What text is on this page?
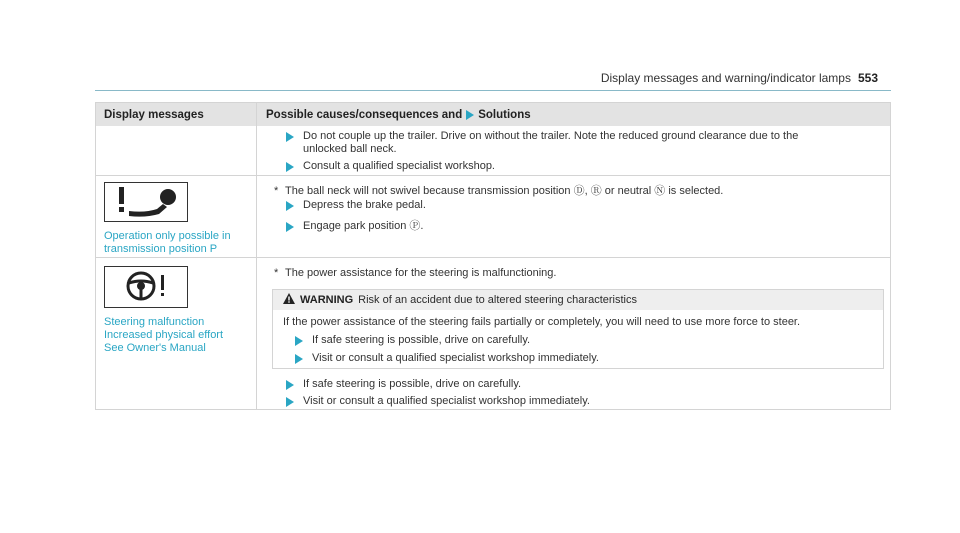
Display messages and warning/indicator lamps 553
Display messages	Possible causes/consequences and Solutions
Do not couple up the trailer. Drive on without the trailer. Note the reduced ground clearance due to the
unlocked ball neck.
Consult a qualified specialist workshop.
Operation only possible in
transmission position P
* The ball neck will not swivel because transmission position Ⓓ, Ⓡ or neutral Ⓝ is selected.
Depress the brake pedal.
Engage park position Ⓟ.
Steering malfunction
Increased physical effort
See Owner's Manual
* The power assistance for the steering is malfunctioning.
WARNING Risk of an accident due to altered steering characteristics
If the power assistance of the steering fails partially or completely, you will need to use more force to steer.
If safe steering is possible, drive on carefully.
Visit or consult a qualified specialist workshop immediately.
If safe steering is possible, drive on carefully.
Visit or consult a qualified specialist workshop immediately.
